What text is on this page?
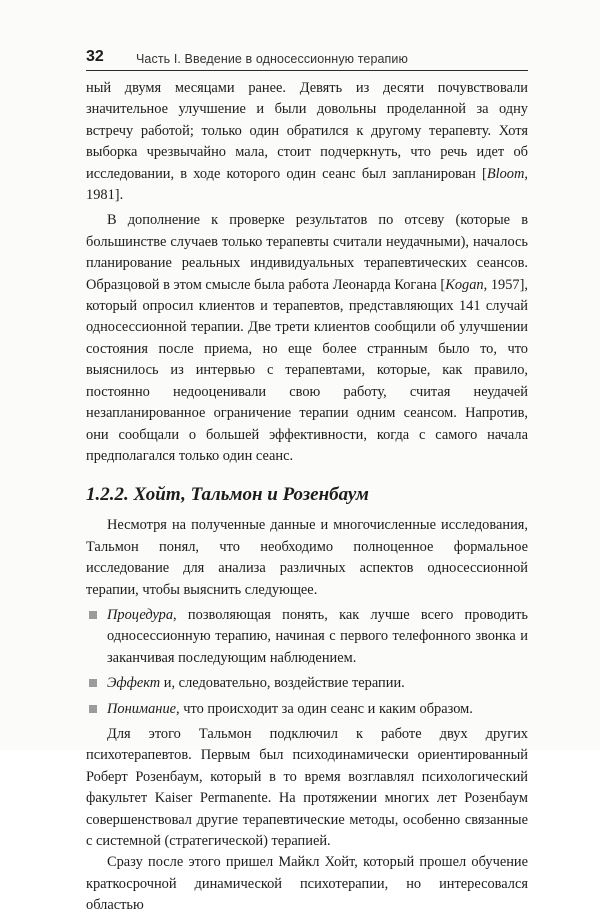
32	Часть I. Введение в односессионную терапию

ный двумя месяцами ранее. Девять из десяти почувствовали значительное улучшение и были довольны проделанной за одну встречу работой; только один обратился к другому терапевту. Хотя выборка чрезвычайно мала, стоит подчеркнуть, что речь идет об исследовании, в ходе которого один сеанс был запланирован [Bloom, 1981].

В дополнение к проверке результатов по отсеву (которые в большинстве случаев только терапевты считали неудачными), началось планирование реальных индивидуальных терапевтических сеансов. Образцовой в этом смысле была работа Леонарда Когана [Kogan, 1957], который опросил клиентов и терапевтов, представляющих 141 случай односессионной терапии. Две трети клиентов сообщили об улучшении состояния после приема, но еще более странным было то, что выяснилось из интервью с терапевтами, которые, как правило, постоянно недооценивали свою работу, считая неудачей незапланированное ограничение терапии одним сеансом. Напротив, они сообщали о большей эффективности, когда с самого начала предполагался только один сеанс.

1.2.2. Хойт, Тальмон и Розенбаум

Несмотря на полученные данные и многочисленные исследования, Тальмон понял, что необходимо полноценное формальное исследование для анализа различных аспектов односессионной терапии, чтобы выяснить следующее.

Процедура, позволяющая понять, как лучше всего проводить односессионную терапию, начиная с первого телефонного звонка и заканчивая последующим наблюдением.
Эффект и, следовательно, воздействие терапии.
Понимание, что происходит за один сеанс и каким образом.

Для этого Тальмон подключил к работе двух других психотерапевтов. Первым был психодинамически ориентированный Роберт Розенбаум, который в то время возглавлял психологический факультет Kaiser Permanente. На протяжении многих лет Розенбаум совершенствовал другие терапевтические методы, особенно связанные с системной (стратегической) терапией.

Сразу после этого пришел Майкл Хойт, который прошел обучение краткосрочной динамической психотерапии, но интересовался областью
